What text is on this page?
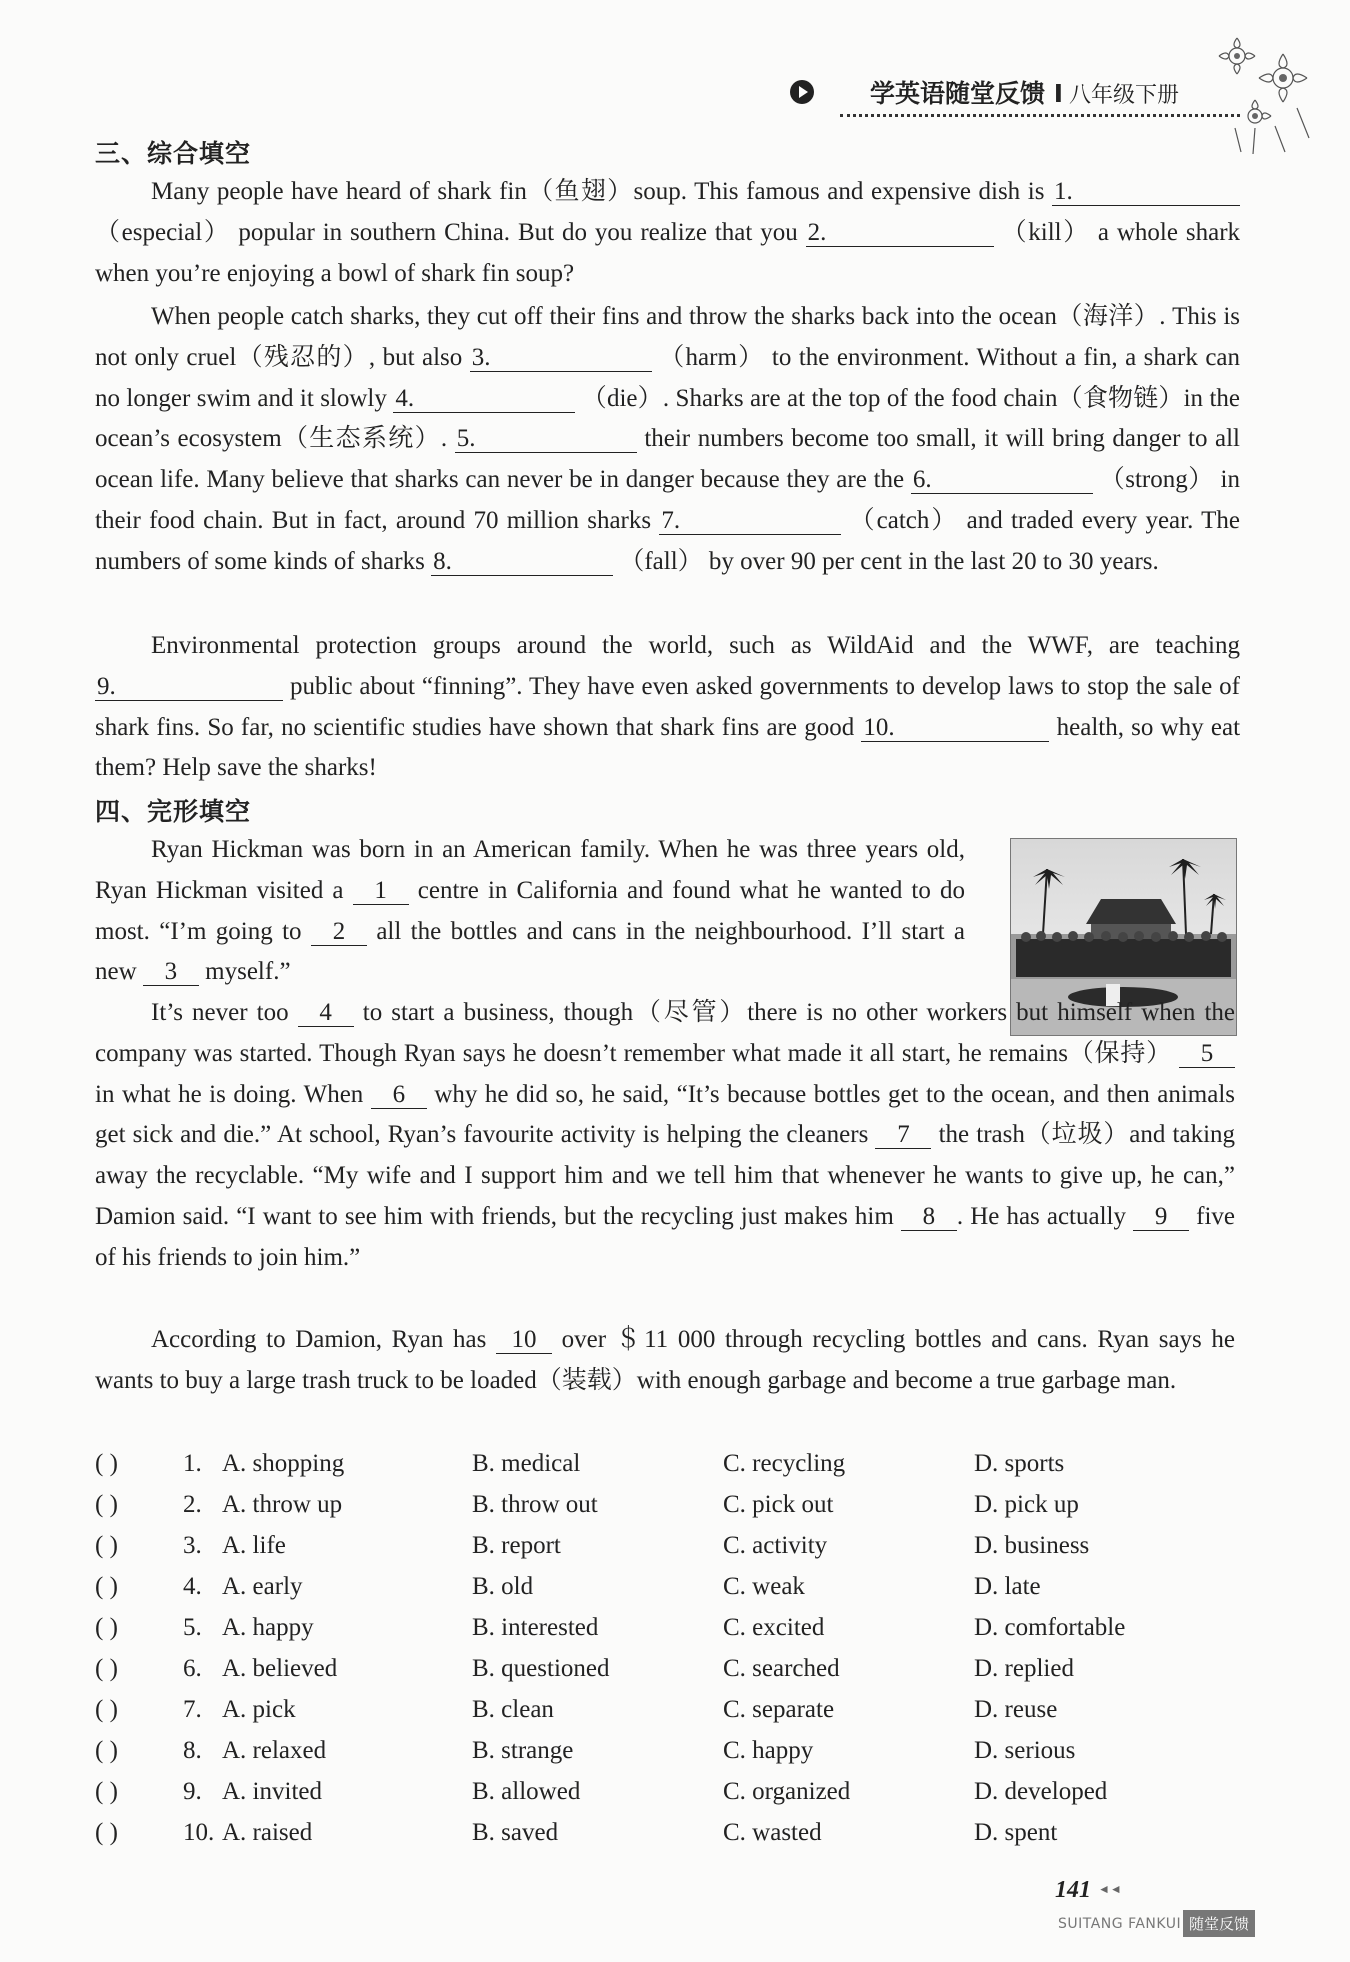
学英语随堂反馈 I 八年级下册
三、综合填空
Many people have heard of shark fin（鱼翅）soup. This famous and expensive dish is 1. （especial） popular in southern China. But do you realize that you 2.	（kill） a whole shark when you’re enjoying a bowl of shark fin soup?
When people catch sharks, they cut off their fins and throw the sharks back into the ocean（海洋）. This is not only cruel（残忍的）, but also 3.	（harm） to the environment. Without a fin, a shark can no longer swim and it slowly 4.	（die）. Sharks are at the top of the food chain（食物链）in the ocean’s ecosystem（生态系统）. 5.	their numbers become too small, it will bring danger to all ocean life. Many believe that sharks can never be in danger because they are the 6.	（strong） in their food chain. But in fact, around 70 million sharks 7.	（catch） and traded every year. The numbers of some kinds of sharks 8.	（fall） by over 90 per cent in the last 20 to 30 years.
Environmental protection groups around the world, such as WildAid and the WWF, are teaching 9.	public about “finning”. They have even asked governments to develop laws to stop the sale of shark fins. So far, no scientific studies have shown that shark fins are good 10.	health, so why eat them? Help save the sharks!
四、完形填空
Ryan Hickman was born in an American family. When he was three years old, Ryan Hickman visited a 1 centre in California and found what he wanted to do most. “I’m going to 2 all the bottles and cans in the neighbourhood. I’ll start a new 3 myself.”
It’s never too 4 to start a business, though（尽管）there is no other workers but himself when the company was started. Though Ryan says he doesn’t remember what made it all start, he remains（保持） 5 in what he is doing. When 6 why he did so, he said, “It’s because bottles get to the ocean, and then animals get sick and die.” At school, Ryan’s favourite activity is helping the cleaners 7 the trash（垃圾）and taking away the recyclable. “My wife and I support him and we tell him that whenever he wants to give up, he can,” Damion said. “I want to see him with friends, but the recycling just makes him 8 . He has actually 9 five of his friends to join him.”
According to Damion, Ryan has 10 over ＄11 000 through recycling bottles and cans. Ryan says he wants to buy a large trash truck to be loaded（装载）with enough garbage and become a true garbage man.
( )	1. A. shopping	B. medical	C. recycling	D. sports
( )	2. A. throw up	B. throw out	C. pick out	D. pick up
( )	3. A. life	B. report	C. activity	D. business
( )	4. A. early	B. old	C. weak	D. late
( )	5. A. happy	B. interested	C. excited	D. comfortable
( )	6. A. believed	B. questioned	C. searched	D. replied
( )	7. A. pick	B. clean	C. separate	D. reuse
( )	8. A. relaxed	B. strange	C. happy	D. serious
( )	9. A. invited	B. allowed	C. organized	D. developed
( )	10. A. raised	B. saved	C. wasted	D. spent
141 ◄◄
SUITANG FANKUI 随堂反馈
